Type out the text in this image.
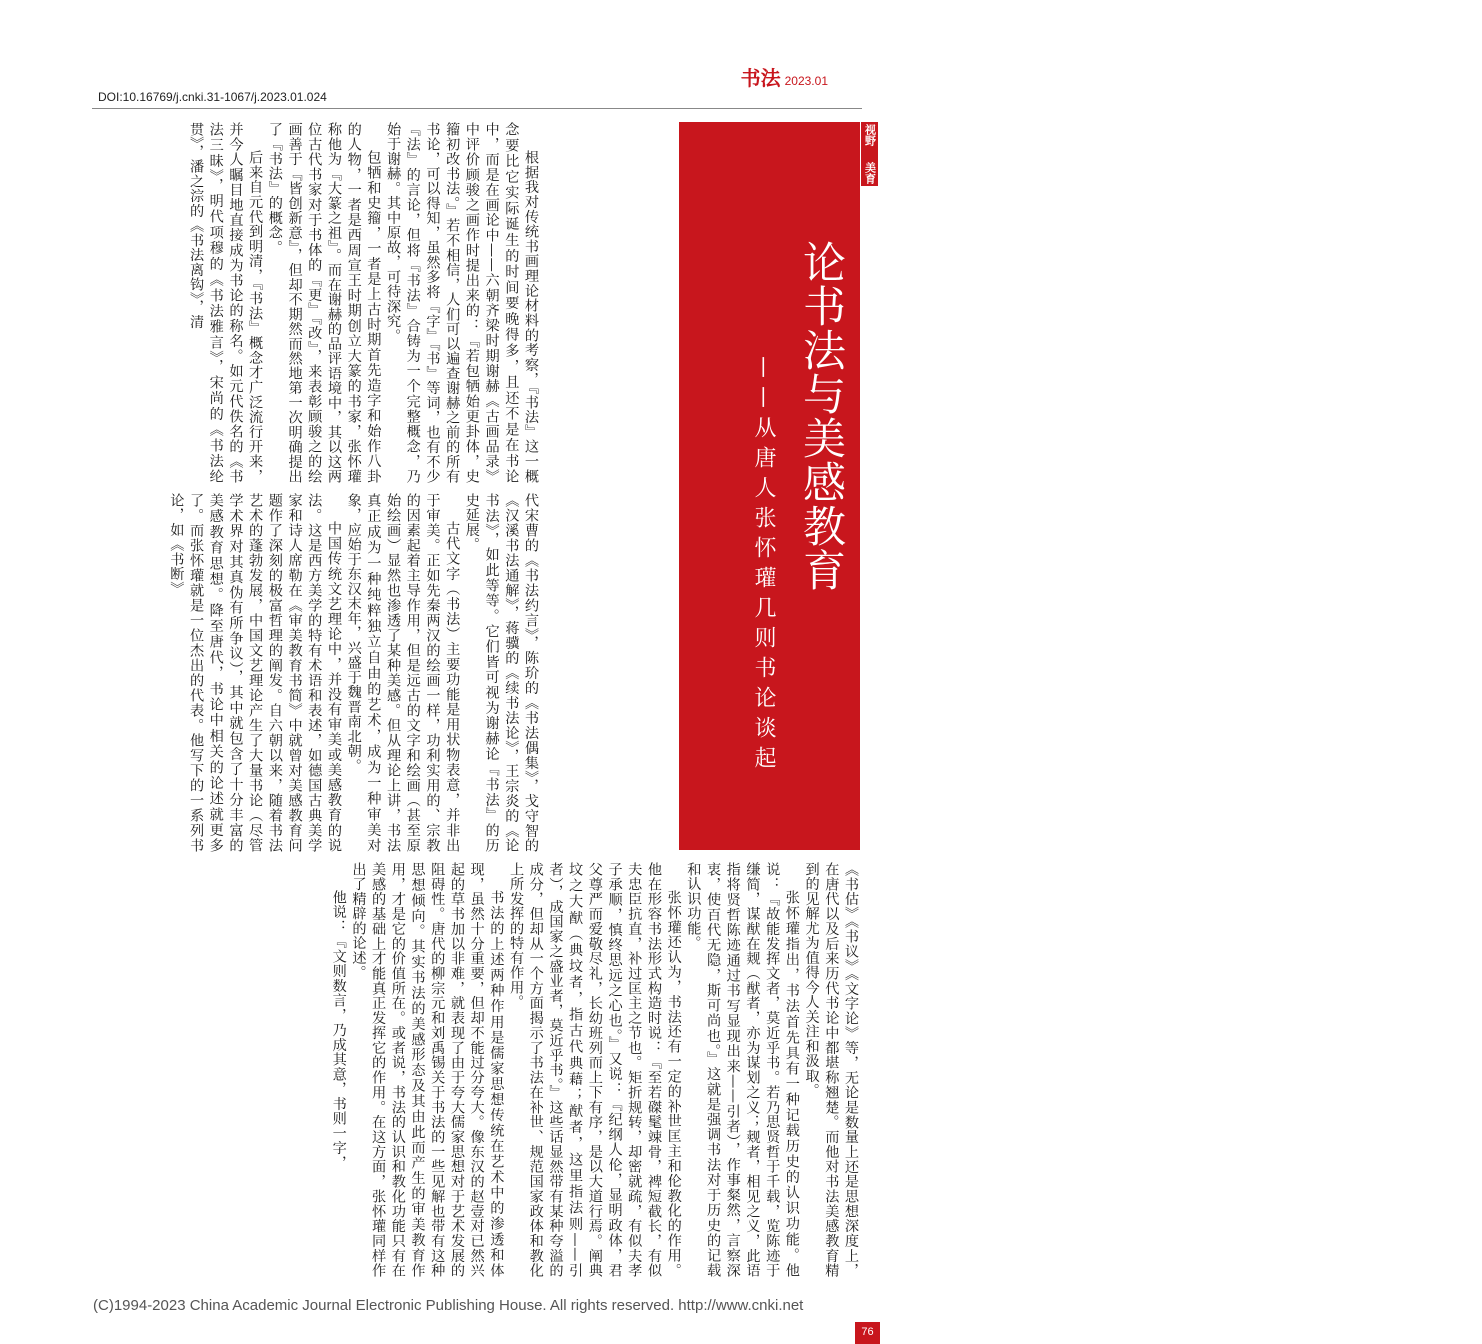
书法 2023.01
DOI:10.16769/j.cnki.31-1067/j.2023.01.024
视野
美育
论书法与美感教育
——从唐人张怀瓘几则书论谈起
樊 波

根据我对传统书画理论材料的考察，『书法』这一概念要比它实际诞生的时间要晚得多，且还不是在书论中，而是在画论中——六朝齐梁时期谢赫《古画品录》中评价顾骏之画作时提出来的：『若包牺始更卦体，史籀初改书法。』若不相信，人们可以遍查谢赫之前的所有书论，可以得知，虽然多将『字』『书』等词，也有不少『法』的言论，但将『书法』合铸为一个完整概念，乃始于谢赫。其中原故，可待深究。

包牺和史籀，一者是上古时期首先造字和始作八卦的人物，一者是西周宣王时期创立大篆的书家，张怀瓘称他为『大篆之祖』。而在谢赫的品评语境中，其以这两位古代书家对于书体的『更』『改』，来表彰顾骏之的绘画善于『皆创新意』，但却不期然而然地第一次明确提出了『书法』的概念。

后来自元代到明清，『书法』概念才广泛流行开来，并今人瞩目地直接成为书论的称名。如元代佚名的《书法三昧》，明代项穆的《书法雅言》，宋尚的《书法纶贯》，潘之淙的《书法离钩》，清

代宋曹的《书法约言》，陈玠的《书法偶集》，戈守智的《汉溪书法通解》，蒋骥的《续书法论》，王宗炎的《论书法》，如此等等。它们皆可视为谢赫论『书法』的历史延展。

古代文字（书法）主要功能是用状物表意，并非出于审美。正如先秦两汉的绘画一样，功利实用的、宗教的因素起着主导作用，但是远古的文字和绘画（甚至原始绘画）显然也渗透了某种美感。但从理论上讲，书法真正成为一种纯粹独立自由的艺术，成为一种审美对象，应始于东汉末年，兴盛于魏晋南北朝。

中国传统文艺理论中，并没有审美或美感教育的说法。这是西方美学的特有术语和表述，如德国古典美学家和诗人席勒在《审美教育书简》中就曾对美感教育问题作了深刻的极富哲理的阐发。自六朝以来，随着书法艺术的蓬勃发展，中国文艺理论产生了大量书论（尽管学术界对其真伪有所争议），其中就包含了十分丰富的美感教育思想。降至唐代，书论中相关的论述就更多了。而张怀瓘就是一位杰出的代表。他写下的一系列书论，如《书断》

《书估》《书议》《文字论》等，无论是数量上还是思想深度上，在唐代以及后来历代书论中都堪称翘楚。而他对书法美感教育精到的见解尤为值得今人关注和汲取。

张怀瓘指出，书法首先具有一种记载历史的认识功能。他说：『故能发挥文者，莫近乎书。若乃思贤哲于千载，览陈迹于缣简，谋猷在觌（猷者，亦为谋划之义；觌者，相见之义，此语指将贤哲陈迹通过书写显现出来——引者），作事粲然，言察深衷，使百代无隐，斯可尚也。』这就是强调书法对于历史的记载和认识功能。

张怀瓘还认为，书法还有一定的补世匡主和伦教化的作用。他在形容书法形式构造时说：『至若磔髦竦骨，裨短截长，有似夫忠臣抗直，补过匡主之节也。矩折规转，却密就疏，有似夫孝子承顺，慎终思远之心也。』又说：『纪纲人伦，显明政体，君父尊严而爱敬尽礼，长幼班列而上下有序，是以大道行焉。阐典坟之大猷（典坟者，指古代典藉；猷者，这里指法则——引者），成国家之盛业者，莫近乎书。』这些话显然带有某种夸溢的成分，但却从一个方面揭示了书法在补世、规范国家政体和教化上所发挥的特有作用。

书法的上述两种作用是儒家思想传统在艺术中的渗透和体现，虽然十分重要，但却不能过分夸大。像东汉的赵壹对已然兴起的草书加以非难，就表现了由于夸大儒家思想对于艺术发展的阻碍性。唐代的柳宗元和刘禹锡关于书法的一些见解也带有这种思想倾向。其实书法的美感形态及其由此而产生的审美教育作用，才是它的价值所在。或者说，书法的认识和教化功能只有在美感的基础上才能真正发挥它的作用。在这方面，张怀瓘同样作出了精辟的论述。

他说：『文则数言，乃成其意，书则一字，

(C)1994-2023 China Academic Journal Electronic Publishing House. All rights reserved. http://www.cnki.net
76
